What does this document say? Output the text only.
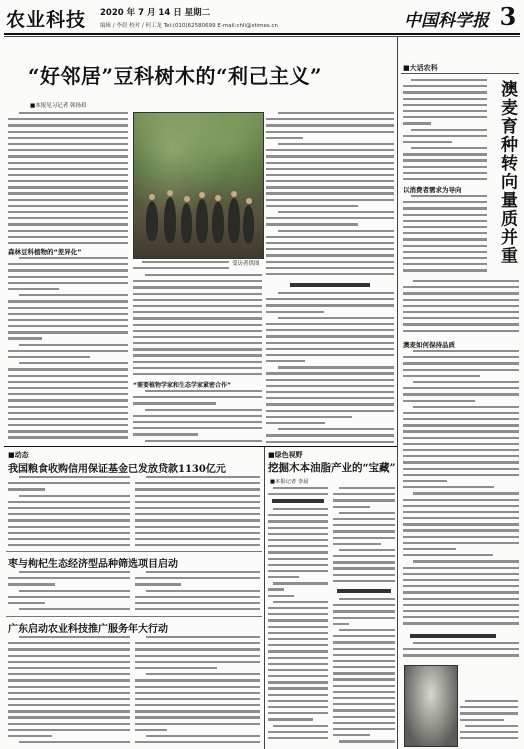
农业科技 2020 年 7 月 14 日 星期二
编辑 / 李晨 校对 / 何工龙 Tel:(010)62580699 E-mail:chli@stimes.cn	中国科学报 3
“好邻居”豆科树木的“利己主义”
■本报见习记者 韩扬眉
森林豆科植物的“差异化”
受访者供图
“需要植物学家和生态学家紧密合作”
■大话农科
澳麦育种转向量质并重
以消费者需求为导向
澳麦如何保持品质
■动态
我国粮食收购信用保证基金已发放贷款1130亿元
枣与枸杞生态经济型品种筛选项目启动
广东启动农业科技推广服务年大行动
■绿色视野
挖掘木本油脂产业的“宝藏”
■本报记者 李晨
